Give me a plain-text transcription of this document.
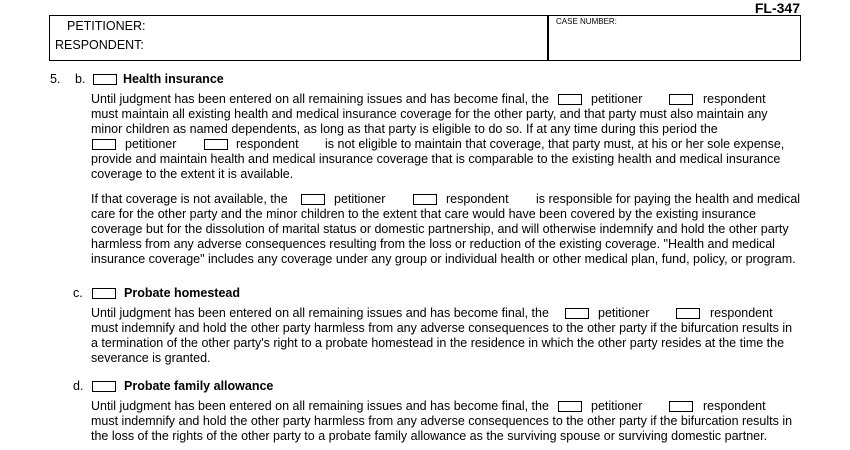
FL-347
PETITIONER:
RESPONDENT:
CASE NUMBER:
5. b.	Health insurance
Until judgment has been entered on all remaining issues and has become final, the	petitioner	respondent
must maintain all existing health and medical insurance coverage for the other party, and that party must also maintain any
minor children as named dependents, as long as that party is eligible to do so. If at any time during this period the
petitioner	respondent is not eligible to maintain that coverage, that party must, at his or her sole expense,
provide and maintain health and medical insurance coverage that is comparable to the existing health and medical insurance
coverage to the extent it is available.
If that coverage is not available, the	petitioner	respondent is responsible for paying the health and medical
care for the other party and the minor children to the extent that care would have been covered by the existing insurance
coverage but for the dissolution of marital status or domestic partnership, and will otherwise indemnify and hold the other party
harmless from any adverse consequences resulting from the loss or reduction of the existing coverage. "Health and medical
insurance coverage" includes any coverage under any group or individual health or other medical plan, fund, policy, or program.
c.	Probate homestead
Until judgment has been entered on all remaining issues and has become final, the	petitioner	respondent
must indemnify and hold the other party harmless from any adverse consequences to the other party if the bifurcation results in
a termination of the other party's right to a probate homestead in the residence in which the other party resides at the time the
severance is granted.
d.	Probate family allowance
Until judgment has been entered on all remaining issues and has become final, the	petitioner	respondent
must indemnify and hold the other party harmless from any adverse consequences to the other party if the bifurcation results in
the loss of the rights of the other party to a probate family allowance as the surviving spouse or surviving domestic partner.
